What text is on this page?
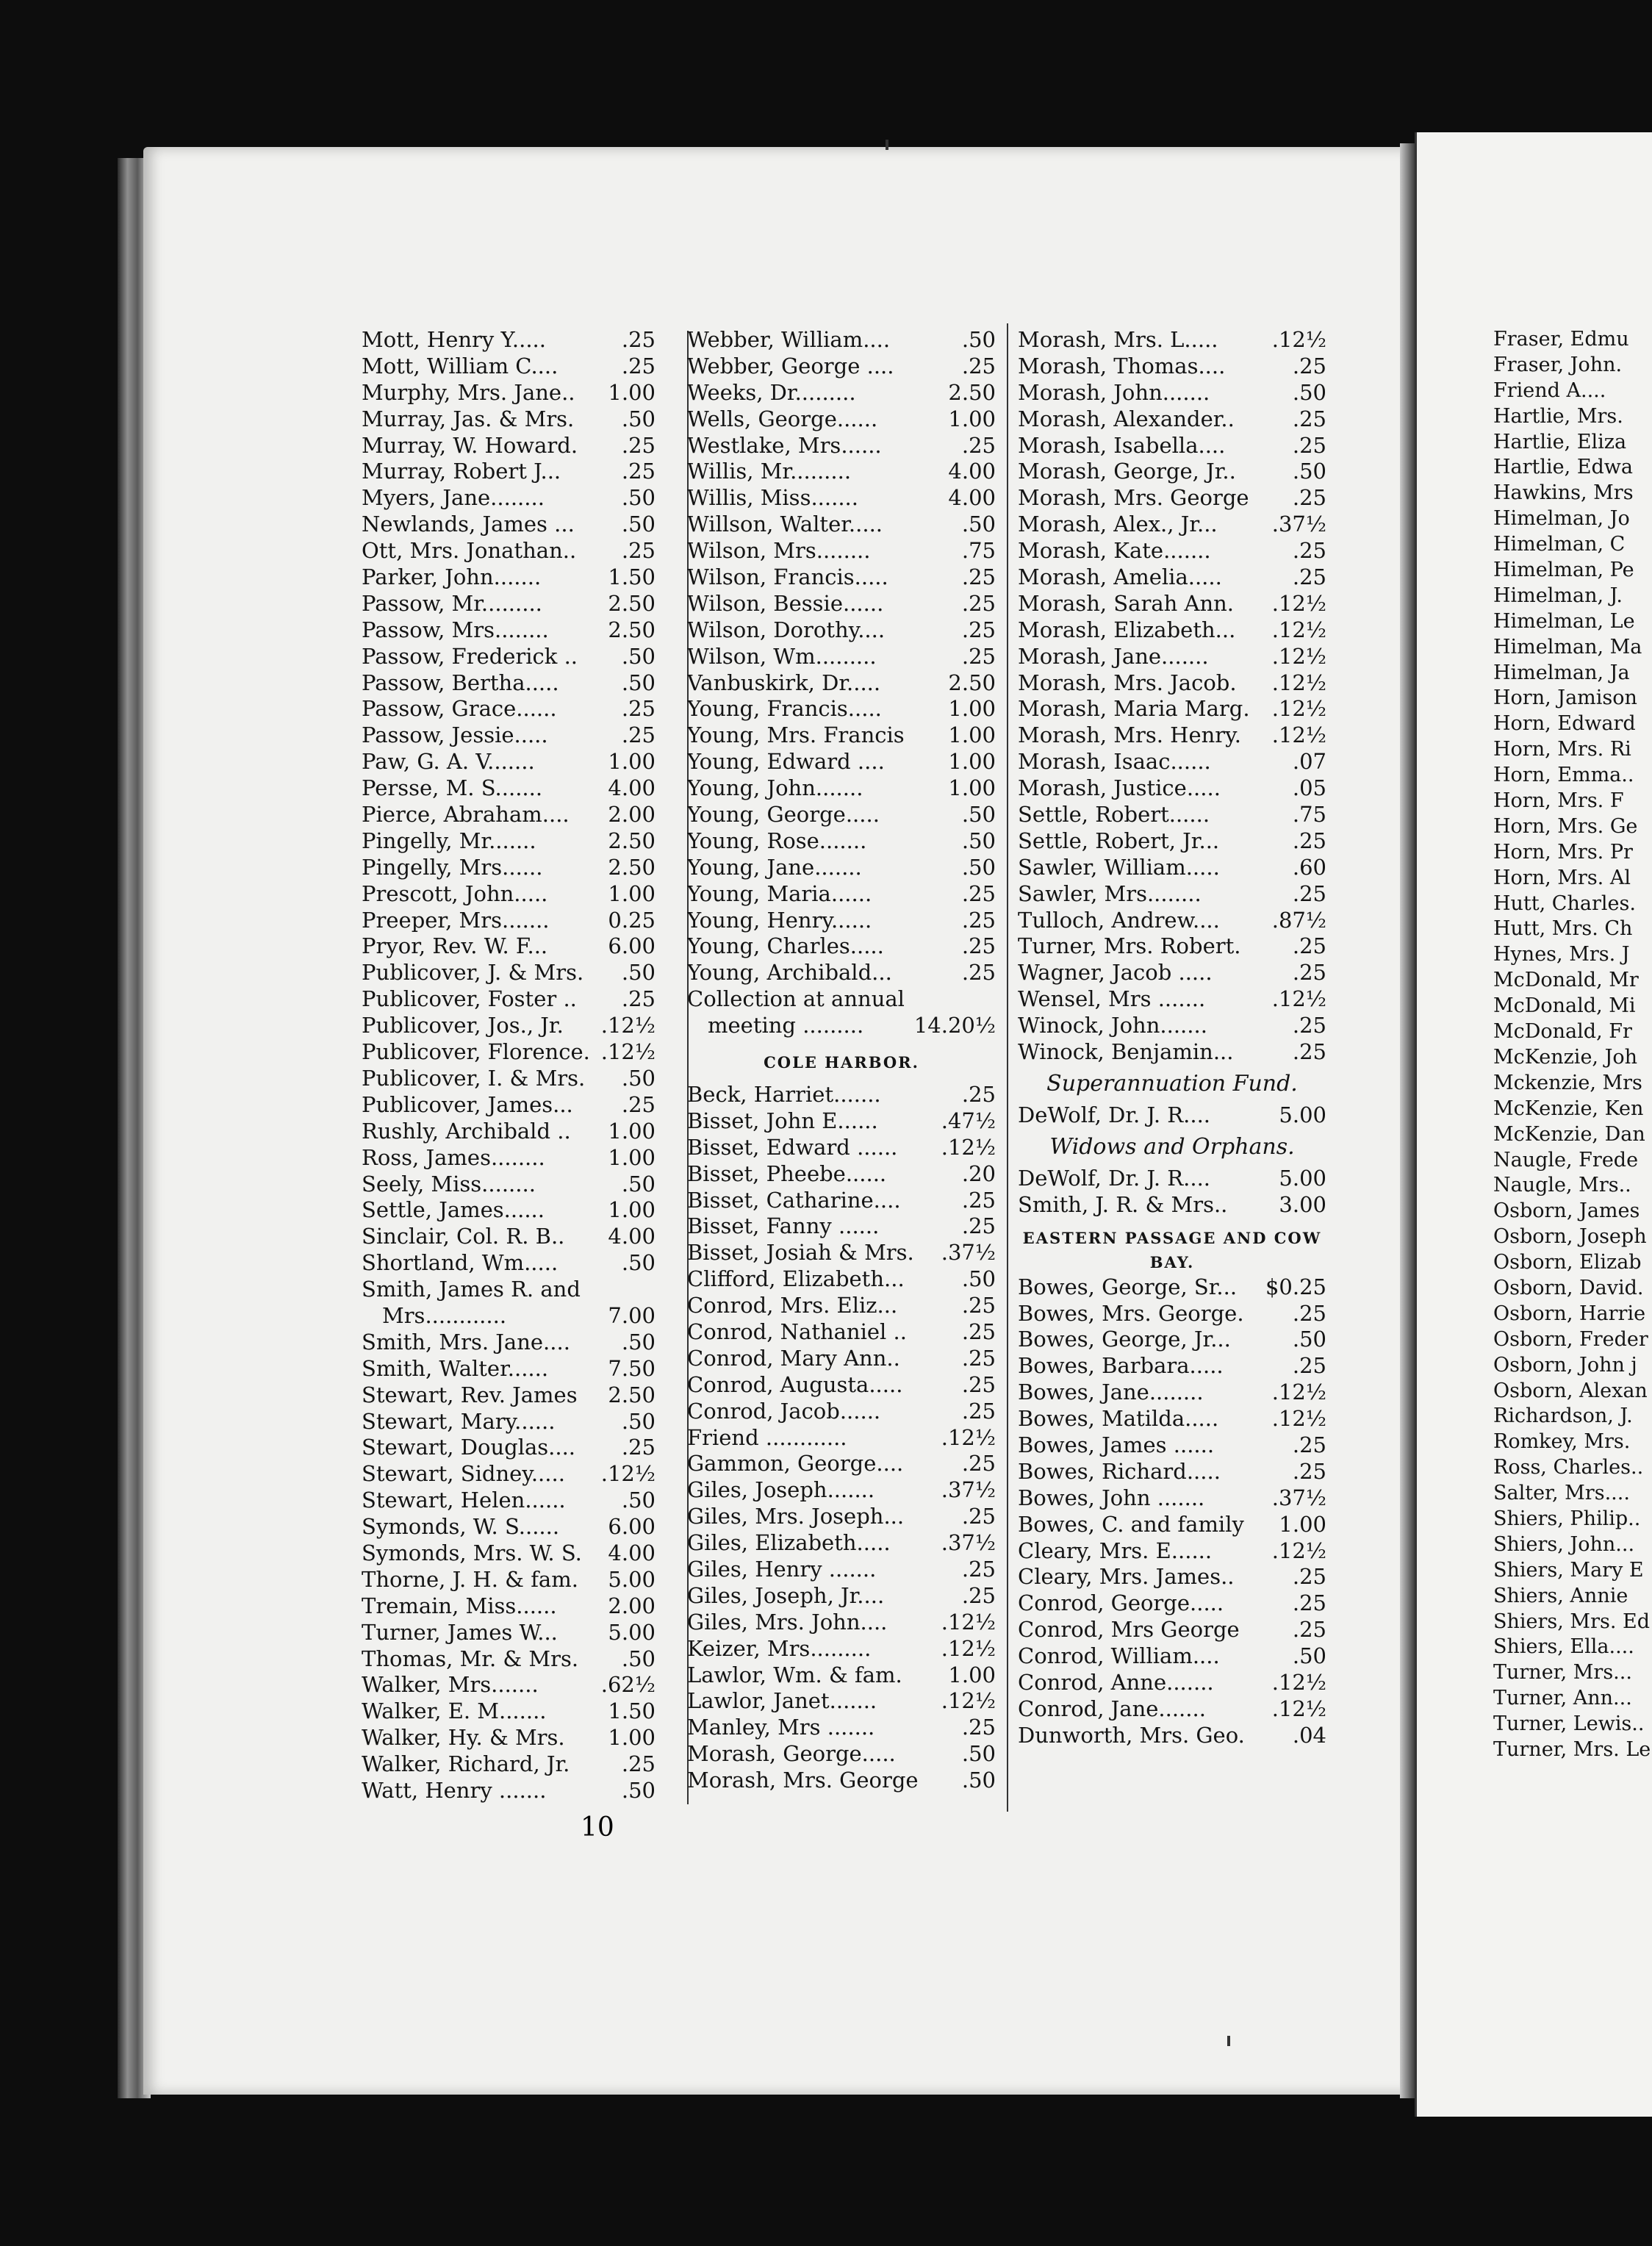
Mott, Henry Y.....	.25
Mott, William C....	.25
Murphy, Mrs. Jane..	1.00
Murray, Jas. & Mrs.	.50
Murray, W. Howard.	.25
Murray, Robert J...	.25
Myers, Jane........	.50
Newlands, James ...	.50
Ott, Mrs. Jonathan..	.25
Parker, John.......	1.50
Passow, Mr.........	2.50
Passow, Mrs........	2.50
Passow, Frederick ..	.50
Passow, Bertha.....	.50
Passow, Grace......	.25
Passow, Jessie.....	.25
Paw, G. A. V.......	1.00
Persse, M. S.......	4.00
Pierce, Abraham....	2.00
Pingelly, Mr.......	2.50
Pingelly, Mrs......	2.50
Prescott, John.....	1.00
Preeper, Mrs.......	0.25
Pryor, Rev. W. F...	6.00
Publicover, J. & Mrs.	.50
Publicover, Foster ..	.25
Publicover, Jos., Jr.	.12½
Publicover, Florence. .12½
Publicover, I. & Mrs.	.50
Publicover, James...	.25
Rushly, Archibald ..	1.00
Ross, James........	1.00
Seely, Miss........	.50
Settle, James......	1.00
Sinclair, Col. R. B..	4.00
Shortland, Wm.....	.50
Smith, James R. and
Mrs............	7.00
Smith, Mrs. Jane....	.50
Smith, Walter......	7.50
Stewart, Rev. James	2.50
Stewart, Mary......	.50
Stewart, Douglas....	.25
Stewart, Sidney.....	.12½
Stewart, Helen......	.50
Symonds, W. S......	6.00
Symonds, Mrs. W. S.	4.00
Thorne, J. H. & fam.	5.00
Tremain, Miss......	2.00
Turner, James W...	5.00
Thomas, Mr. & Mrs.	.50
Walker, Mrs.......	.62½
Walker, E. M.......	1.50
Walker, Hy. & Mrs.	1.00
Walker, Richard, Jr.	.25
Watt, Henry .......	.50
Webber, William....	.50
Webber, George ....	.25
Weeks, Dr.........	2.50
Wells, George......	1.00
Westlake, Mrs......	.25
Willis, Mr.........	4.00
Willis, Miss.......	4.00
Willson, Walter.....	.50
Wilson, Mrs........	.75
Wilson, Francis.....	.25
Wilson, Bessie......	.25
Wilson, Dorothy....	.25
Wilson, Wm.........	.25
Vanbuskirk, Dr.....	2.50
Young, Francis.....	1.00
Young, Mrs. Francis	1.00
Young, Edward ....	1.00
Young, John.......	1.00
Young, George.....	.50
Young, Rose.......	.50
Young, Jane.......	.50
Young, Maria......	.25
Young, Henry......	.25
Young, Charles.....	.25
Young, Archibald...	.25
Collection at annual
meeting .........	14.20½
COLE HARBOR.
Beck, Harriet.......	.25
Bisset, John E......	.47½
Bisset, Edward ......	.12½
Bisset, Pheebe......	.20
Bisset, Catharine....	.25
Bisset, Fanny ......	.25
Bisset, Josiah & Mrs.	.37½
Clifford, Elizabeth...	.50
Conrod, Mrs. Eliz...	.25
Conrod, Nathaniel ..	.25
Conrod, Mary Ann..	.25
Conrod, Augusta.....	.25
Conrod, Jacob......	.25
Friend ............	.12½
Gammon, George....	.25
Giles, Joseph.......	.37½
Giles, Mrs. Joseph...	.25
Giles, Elizabeth.....	.37½
Giles, Henry .......	.25
Giles, Joseph, Jr....	.25
Giles, Mrs. John....	.12½
Keizer, Mrs.........	.12½
Lawlor, Wm. & fam.	1.00
Lawlor, Janet.......	.12½
Manley, Mrs .......	.25
Morash, George.....	.50
Morash, Mrs. George	.50
Morash, Mrs. L.....	.12½
Morash, Thomas....	.25
Morash, John.......	.50
Morash, Alexander..	.25
Morash, Isabella....	.25
Morash, George, Jr..	.50
Morash, Mrs. George	.25
Morash, Alex., Jr...	.37½
Morash, Kate.......	.25
Morash, Amelia.....	.25
Morash, Sarah Ann.	.12½
Morash, Elizabeth...	.12½
Morash, Jane.......	.12½
Morash, Mrs. Jacob.	.12½
Morash, Maria Marg.	.12½
Morash, Mrs. Henry.	.12½
Morash, Isaac......	.07
Morash, Justice.....	.05
Settle, Robert......	.75
Settle, Robert, Jr...	.25
Sawler, William.....	.60
Sawler, Mrs........	.25
Tulloch, Andrew....	.87½
Turner, Mrs. Robert.	.25
Wagner, Jacob .....	.25
Wensel, Mrs .......	.12½
Winock, John.......	.25
Winock, Benjamin...	.25
Superannuation Fund.
DeWolf, Dr. J. R....	5.00
Widows and Orphans.
DeWolf, Dr. J. R....	5.00
Smith, J. R. & Mrs..	3.00
EASTERN PASSAGE AND COW
BAY.
Bowes, George, Sr...	$0.25
Bowes, Mrs. George.	.25
Bowes, George, Jr...	.50
Bowes, Barbara.....	.25
Bowes, Jane........	.12½
Bowes, Matilda.....	.12½
Bowes, James ......	.25
Bowes, Richard.....	.25
Bowes, John .......	.37½
Bowes, C. and family	1.00
Cleary, Mrs. E......	.12½
Cleary, Mrs. James..	.25
Conrod, George.....	.25
Conrod, Mrs George	.25
Conrod, William....	.50
Conrod, Anne.......	.12½
Conrod, Jane.......	.12½
Dunworth, Mrs. Geo.	.04
Fraser, Edmu
Fraser, John.
Friend A....
Hartlie, Mrs.
Hartlie, Eliza
Hartlie, Edwa
Hawkins, Mrs
Himelman, Jo
Himelman, C
Himelman, Pe
Himelman, J.
Himelman, Le
Himelman, Ma
Himelman, Ja
Horn, Jamison
Horn, Edward
Horn, Mrs. Ri
Horn, Emma..
Horn, Mrs. F
Horn, Mrs. Ge
Horn, Mrs. Pr
Horn, Mrs. Al
Hutt, Charles.
Hutt, Mrs. Ch
Hynes, Mrs. J
McDonald, Mr
McDonald, Mi
McDonald, Fr
McKenzie, Joh
Mckenzie, Mrs
McKenzie, Ken
McKenzie, Dan
Naugle, Frede
Naugle, Mrs..
Osborn, James
Osborn, Joseph
Osborn, Elizab
Osborn, David.
Osborn, Harrie
Osborn, Freder
Osborn, John j
Osborn, Alexan
Richardson, J.
Romkey, Mrs.
Ross, Charles..
Salter, Mrs....
Shiers, Philip..
Shiers, John...
Shiers, Mary E
Shiers, Annie
Shiers, Mrs. Ed
Shiers, Ella....
Turner, Mrs...
Turner, Ann...
Turner, Lewis..
Turner, Mrs. Le
10
